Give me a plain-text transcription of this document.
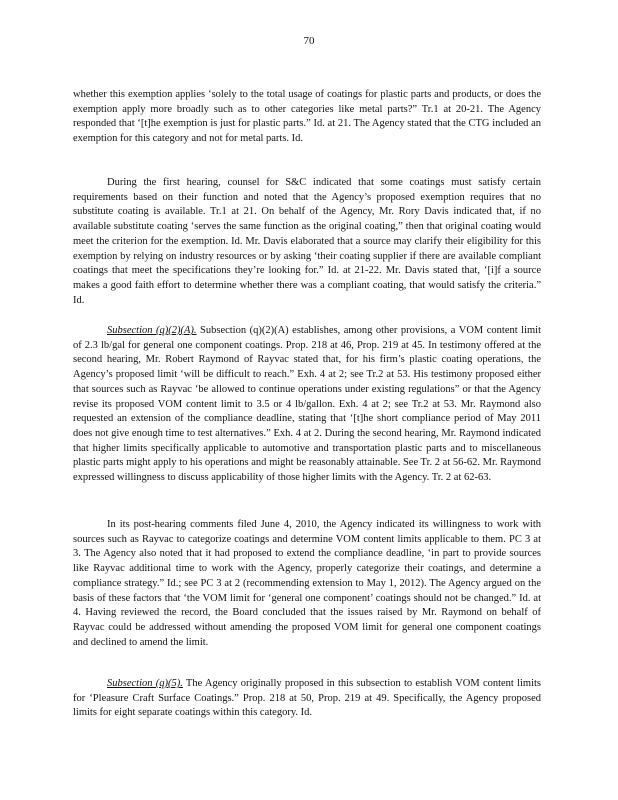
70

whether this exemption applies ‘solely to the total usage of coatings for plastic parts and products, or does the exemption apply more broadly such as to other categories like metal parts?” Tr.1 at 20-21. The Agency responded that ‘[t]he exemption is just for plastic parts.” Id. at 21. The Agency stated that the CTG included an exemption for this category and not for metal parts. Id.

During the first hearing, counsel for S&C indicated that some coatings must satisfy certain requirements based on their function and noted that the Agency’s proposed exemption requires that no substitute coating is available. Tr.1 at 21. On behalf of the Agency, Mr. Rory Davis indicated that, if no available substitute coating ‘serves the same function as the original coating,” then that original coating would meet the criterion for the exemption. Id. Mr. Davis elaborated that a source may clarify their eligibility for this exemption by relying on industry resources or by asking ‘their coating supplier if there are available compliant coatings that meet the specifications they’re looking for.” Id. at 21-22. Mr. Davis stated that, ‘[i]f a source makes a good faith effort to determine whether there was a compliant coating, that would satisfy the criteria.” Id.

Subsection (q)(2)(A). Subsection (q)(2)(A) establishes, among other provisions, a VOM content limit of 2.3 lb/gal for general one component coatings. Prop. 218 at 46, Prop. 219 at 45. In testimony offered at the second hearing, Mr. Robert Raymond of Rayvac stated that, for his firm’s plastic coating operations, the Agency’s proposed limit ‘will be difficult to reach.” Exh. 4 at 2; see Tr.2 at 53. His testimony proposed either that sources such as Rayvac ‘be allowed to continue operations under existing regulations” or that the Agency revise its proposed VOM content limit to 3.5 or 4 lb/gallon. Exh. 4 at 2; see Tr.2 at 53. Mr. Raymond also requested an extension of the compliance deadline, stating that ‘[t]he short compliance period of May 2011 does not give enough time to test alternatives.” Exh. 4 at 2. During the second hearing, Mr. Raymond indicated that higher limits specifically applicable to automotive and transportation plastic parts and to miscellaneous plastic parts might apply to his operations and might be reasonably attainable. See Tr. 2 at 56-62. Mr. Raymond expressed willingness to discuss applicability of those higher limits with the Agency. Tr. 2 at 62-63.

In its post-hearing comments filed June 4, 2010, the Agency indicated its willingness to work with sources such as Rayvac to categorize coatings and determine VOM content limits applicable to them. PC 3 at 3. The Agency also noted that it had proposed to extend the compliance deadline, ‘in part to provide sources like Rayvac additional time to work with the Agency, properly categorize their coatings, and determine a compliance strategy.” Id.; see PC 3 at 2 (recommending extension to May 1, 2012). The Agency argued on the basis of these factors that ‘the VOM limit for ‘general one component’ coatings should not be changed.” Id. at 4. Having reviewed the record, the Board concluded that the issues raised by Mr. Raymond on behalf of Rayvac could be addressed without amending the proposed VOM limit for general one component coatings and declined to amend the limit.

Subsection (q)(5). The Agency originally proposed in this subsection to establish VOM content limits for ‘Pleasure Craft Surface Coatings.” Prop. 218 at 50, Prop. 219 at 49. Specifically, the Agency proposed limits for eight separate coatings within this category. Id.
